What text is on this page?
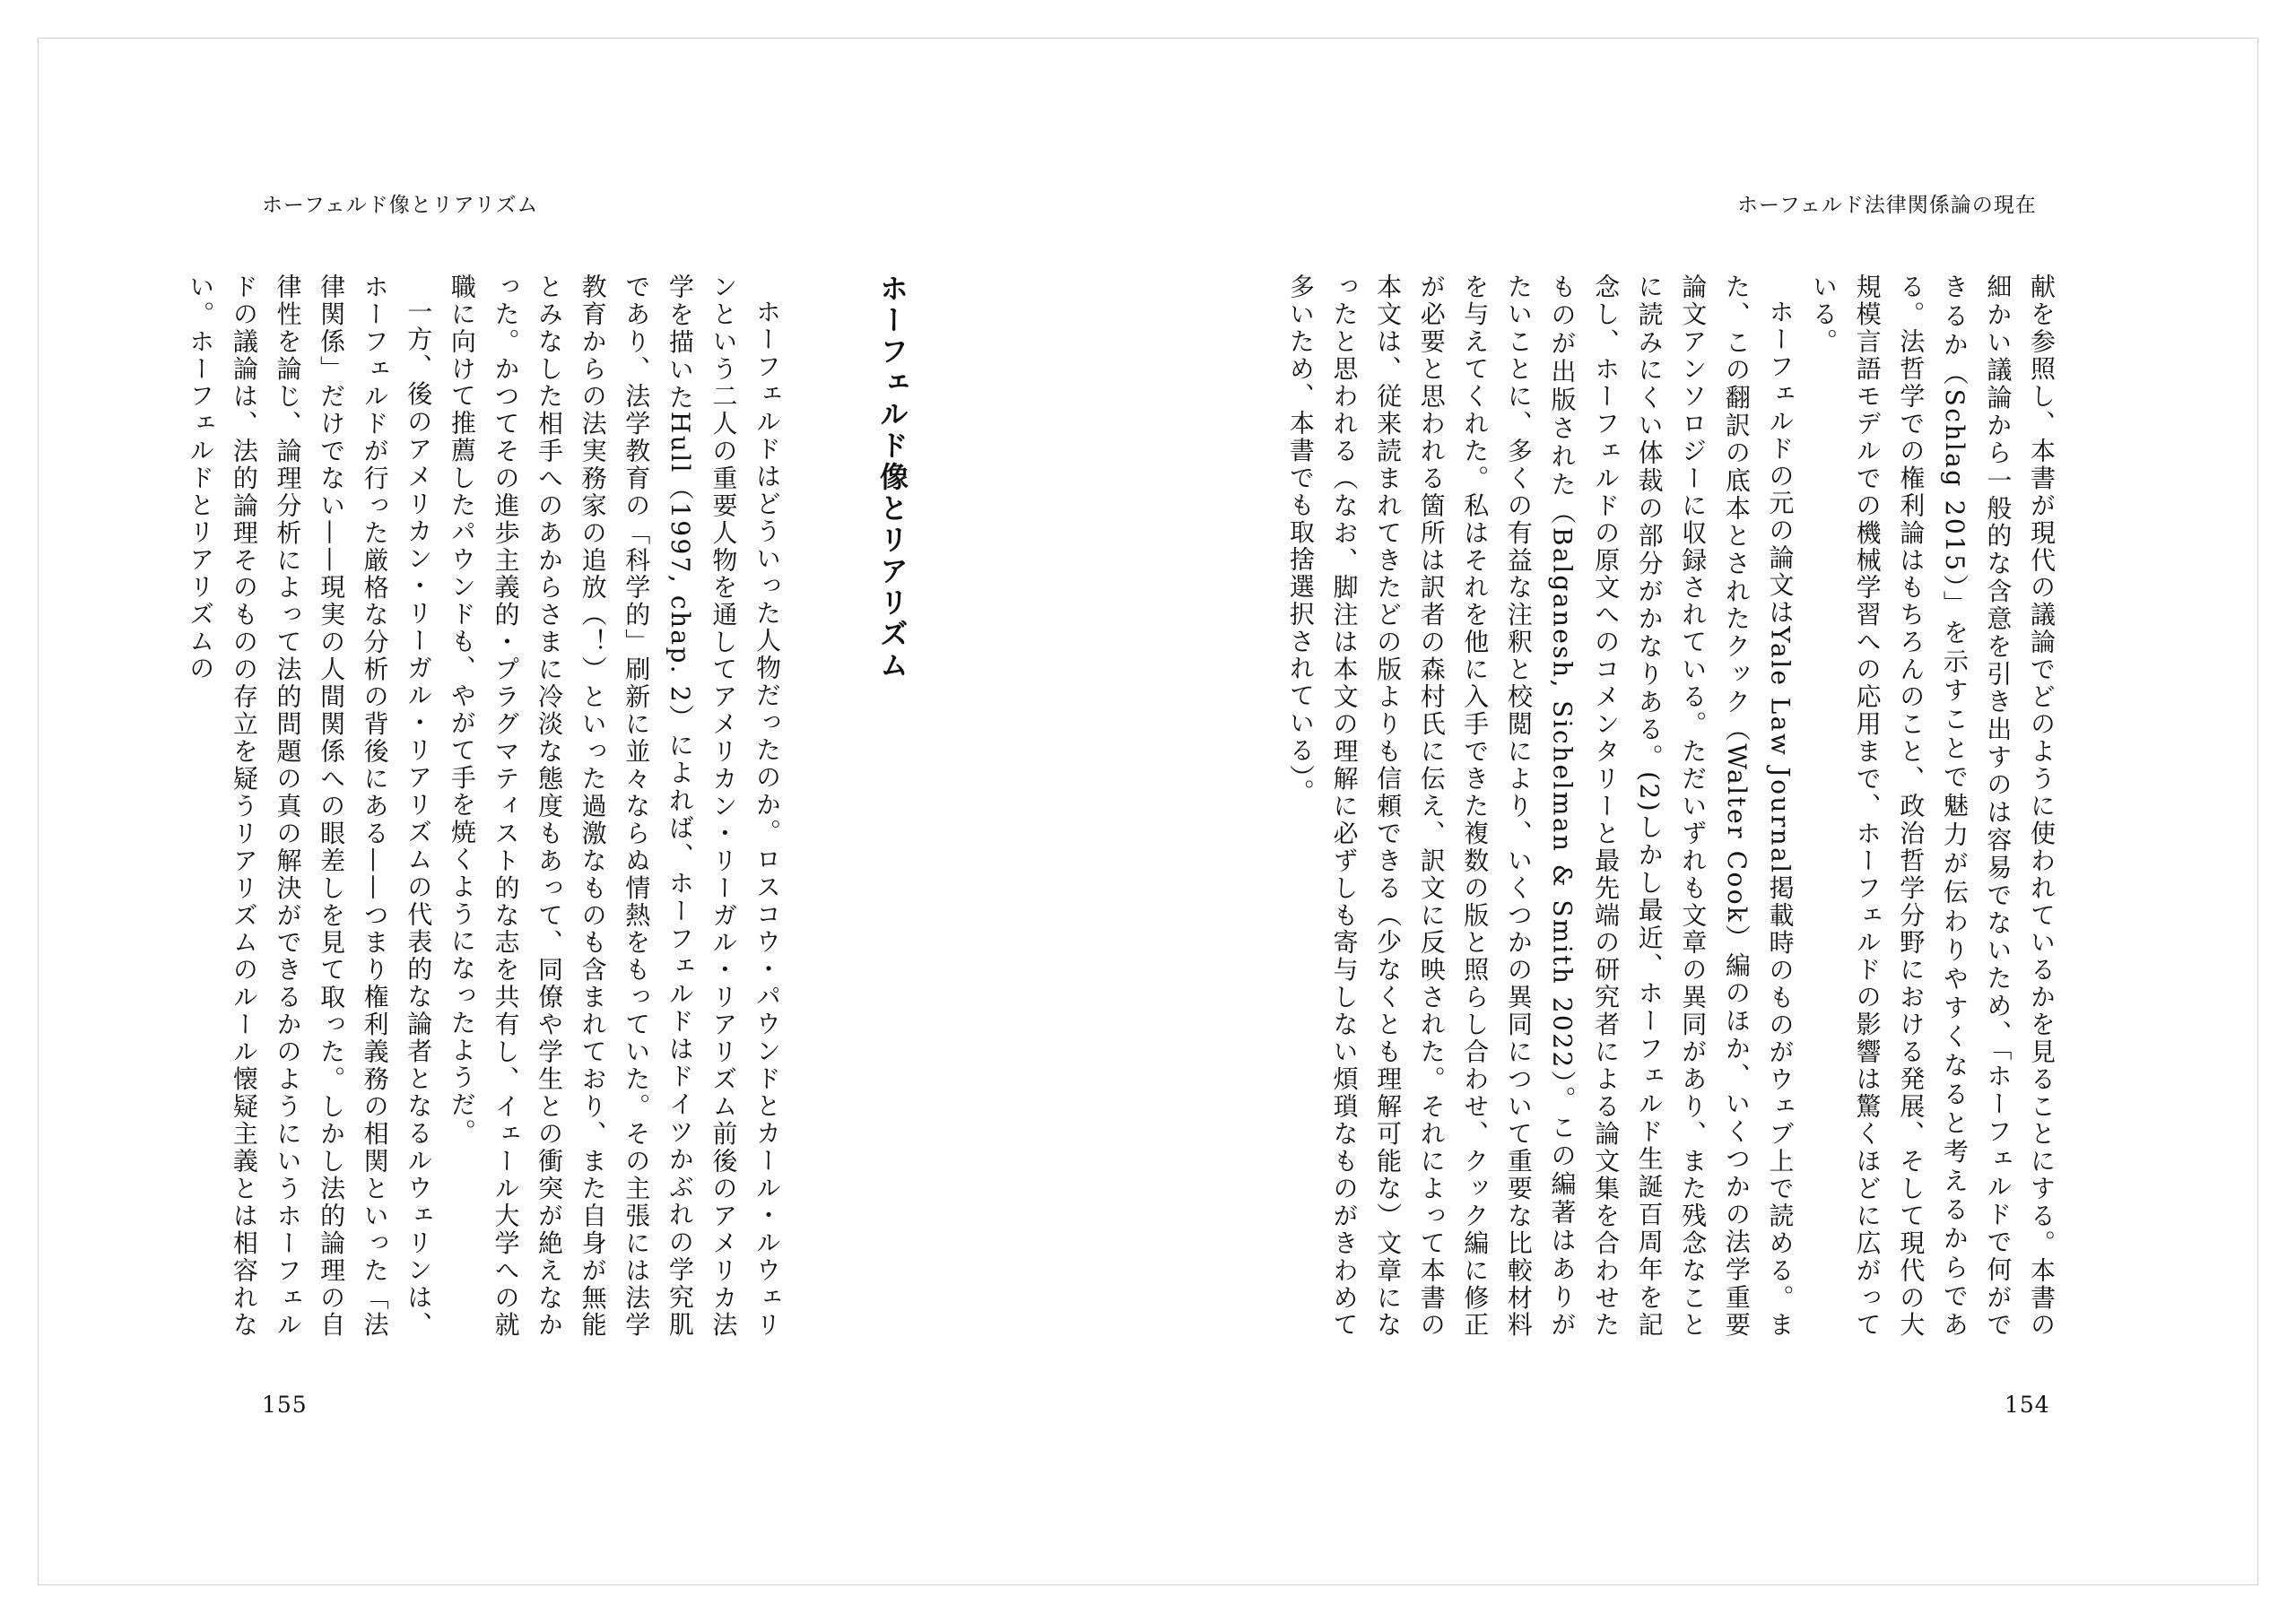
ホーフェルド像とリアリズム
ホーフェルド像とリアリズム

ホーフェルドはどういった人物だったのか。ロスコウ・パウンドとカール・ルウェリンという二人の重要人物を通してアメリカン・リーガル・リアリズム前後のアメリカ法学を描いたHull（1997, chap. 2）によれば、ホーフェルドはドイツかぶれの学究肌であり、法学教育の「科学的」刷新に並々ならぬ情熱をもっていた。その主張には法学教育からの法実務家の追放（！）といった過激なものも含まれており、また自身が無能とみなした相手へのあからさまに冷淡な態度もあって、同僚や学生との衝突が絶えなかった。かつてその進歩主義的・プラグマティスト的な志を共有し、イェール大学への就職に向けて推薦したパウンドも、やがて手を焼くようになったようだ。

一方、後のアメリカン・リーガル・リアリズムの代表的な論者となるルウェリンは、ホーフェルドが行った厳格な分析の背後にある——つまり権利義務の相関といった「法律関係」だけでない——現実の人間関係への眼差しを見て取った。しかし法的論理の自律性を論じ、論理分析によって法的問題の真の解決ができるかのようにいうホーフェルドの議論は、法的論理そのものの存立を疑うリアリズムのルール懐疑主義とは相容れない。ホーフェルドとリアリズムの

155
ホーフェルド法律関係論の現在

献を参照し、本書が現代の議論でどのように使われているかを見ることにする。本書の細かい議論から一般的な含意を引き出すのは容易でないため、「ホーフェルドで何ができるか（Schlag 2015）」を示すことで魅力が伝わりやすくなると考えるからである。法哲学での権利論はもちろんのこと、政治哲学分野における発展、そして現代の大規模言語モデルでの機械学習への応用まで、ホーフェルドの影響は驚くほどに広がっている。

ホーフェルドの元の論文はYale Law Journal掲載時のものがウェブ上で読める。また、この翻訳の底本とされたクック（Walter Cook）編のほか、いくつかの法学重要論文アンソロジーに収録されている。ただいずれも文章の異同があり、また残念なことに読みにくい体裁の部分がかなりある。(2)しかし最近、ホーフェルド生誕百周年を記念し、ホーフェルドの原文へのコメンタリーと最先端の研究者による論文集を合わせたものが出版された（Balganesh, Sichelman & Smith 2022）。この編著はありがたいことに、多くの有益な注釈と校閲により、いくつかの異同について重要な比較材料を与えてくれた。私はそれを他に入手できた複数の版と照らし合わせ、クック編に修正が必要と思われる箇所は訳者の森村氏に伝え、訳文に反映された。それによって本書の本文は、従来読まれてきたどの版よりも信頼できる（少なくとも理解可能な）文章になったと思われる（なお、脚注は本文の理解に必ずしも寄与しない煩瑣なものがきわめて多いため、本書でも取捨選択されている）。

154
